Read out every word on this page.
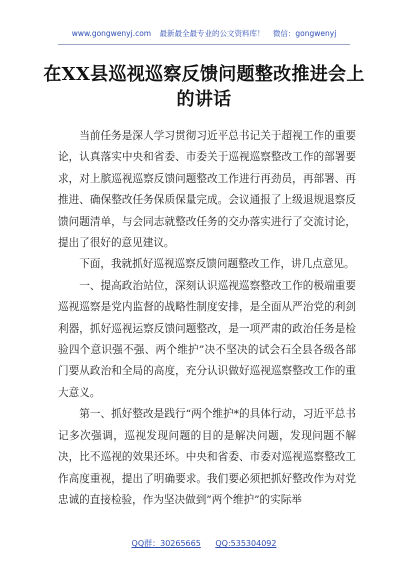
www.gongwenyj.com 最新最全最专业的公文资料库！ 微信：gongwenyj
在XX县巡视巡察反馈问题整改推进会上的讲话

当前任务是深人学习贯彻习近平总书记关于超视工作的重要论，认真落实中央和省委、市委关于巡视巡察整改工作的部署要求，对上膑巡视巡察反馈问题整改工作进行再劲员，再部署、再推进、确保整改任务保质保量完成。会议通报了上级退规退察反馈问题清单，与会同志就整改任务的交办落实进行了交流讨论，提出了很好的意见建议。

下面，我就抓好巡视巡察反馈问题整改工作，讲几点意见。

一、提高政治站位，深刻认识巡视巡察整改工作的极端重要巡视巡察是党内监督的战略性制度安排，是全面从严治党的利剑利器，抓好巡视运察反馈问题整改，是一项严肃的政治任务是检验四个意识强不强、两个维护”决不坚决的试会石全县各级各部门要从政治和全局的高度，充分认识做好巡视巡察整改工作的重大意义。

第一、抓好整改是践行“两个维护*的具体行动，习近平总书记多次强调，巡视发现问题的目的是解决问题，发现问题不解决，比不巡视的效果还坏。中央和省委、市委对巡视巡察整改工作高度重视，提出了明确要求。我们要必须把抓好整改作为对党忠诚的直接检验，作为坚决做到”两个维护”的实际举

QQ群：30265665 QQ:535304092
